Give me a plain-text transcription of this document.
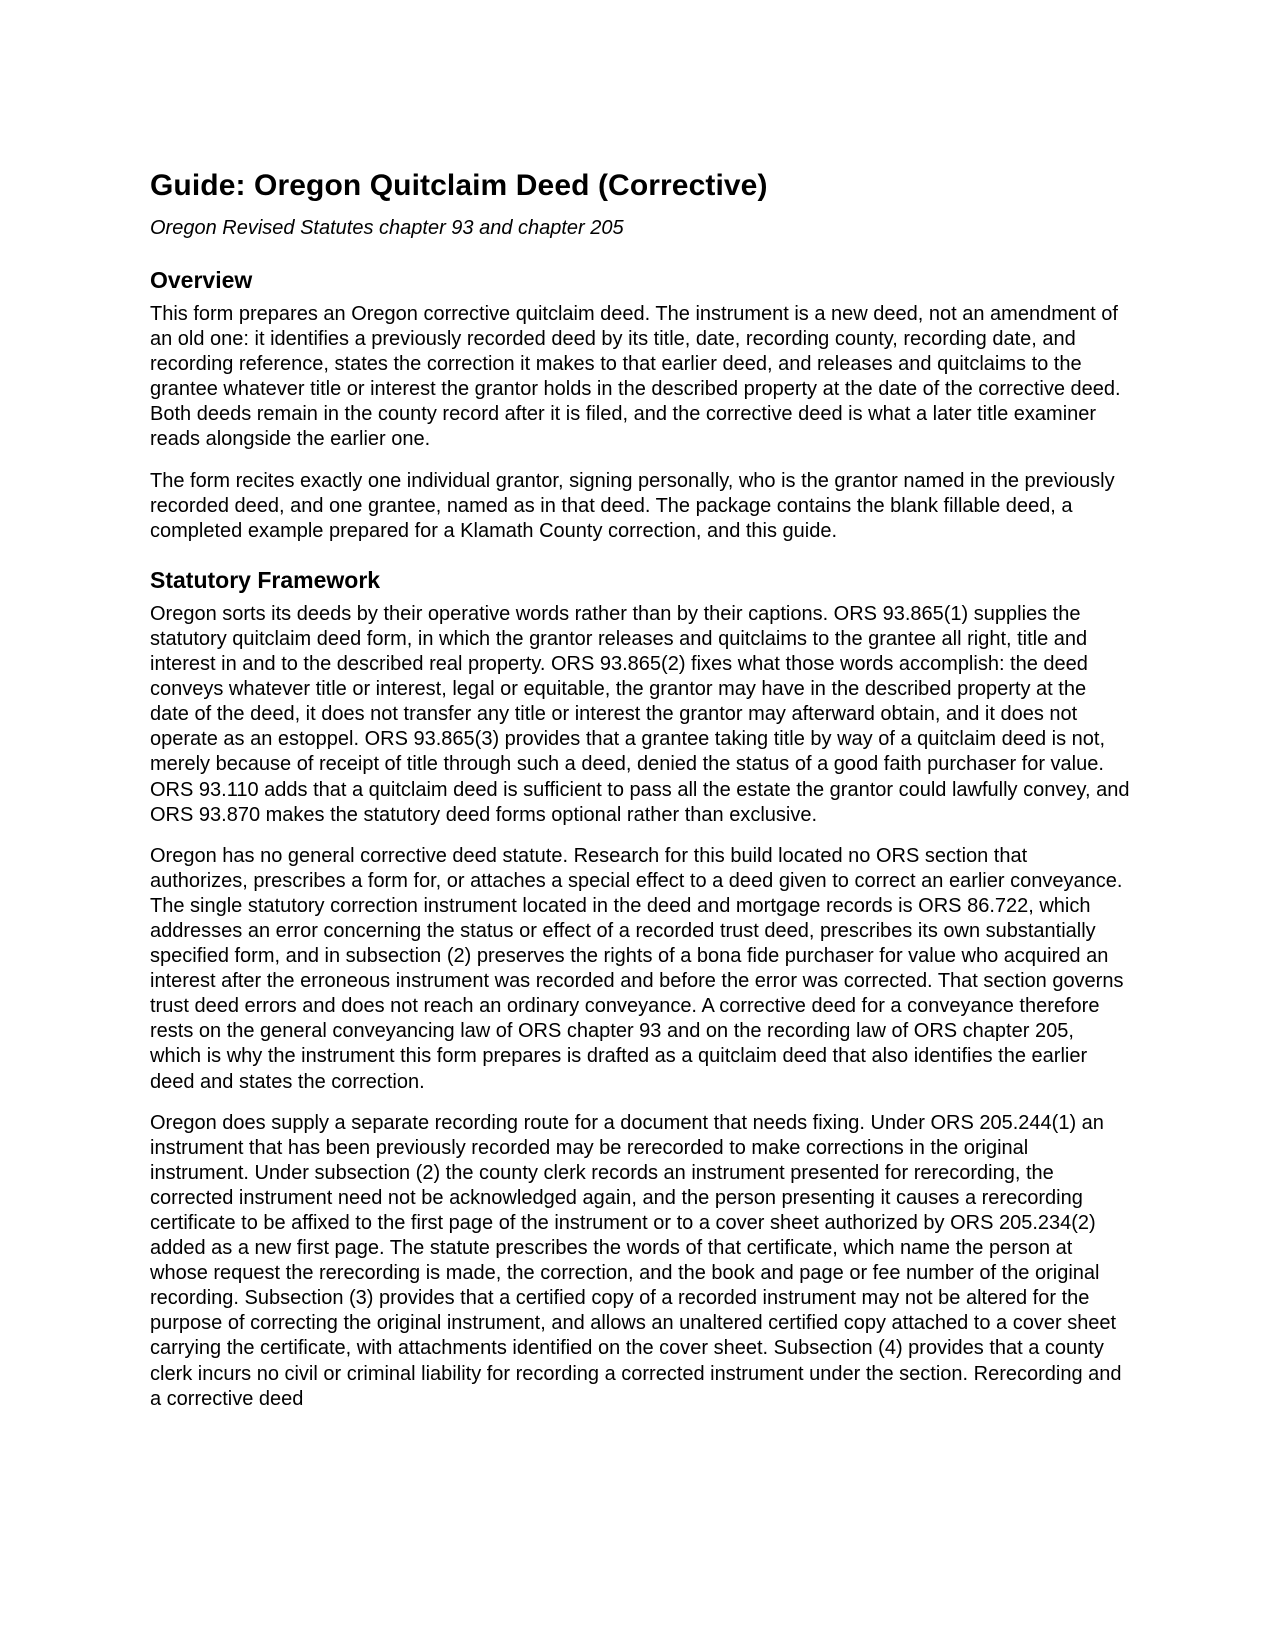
Guide: Oregon Quitclaim Deed (Corrective)

Oregon Revised Statutes chapter 93 and chapter 205

Overview

This form prepares an Oregon corrective quitclaim deed. The instrument is a new deed, not an amendment of an old one: it identifies a previously recorded deed by its title, date, recording county, recording date, and recording reference, states the correction it makes to that earlier deed, and releases and quitclaims to the grantee whatever title or interest the grantor holds in the described property at the date of the corrective deed. Both deeds remain in the county record after it is filed, and the corrective deed is what a later title examiner reads alongside the earlier one.

The form recites exactly one individual grantor, signing personally, who is the grantor named in the previously recorded deed, and one grantee, named as in that deed. The package contains the blank fillable deed, a completed example prepared for a Klamath County correction, and this guide.

Statutory Framework

Oregon sorts its deeds by their operative words rather than by their captions. ORS 93.865(1) supplies the statutory quitclaim deed form, in which the grantor releases and quitclaims to the grantee all right, title and interest in and to the described real property. ORS 93.865(2) fixes what those words accomplish: the deed conveys whatever title or interest, legal or equitable, the grantor may have in the described property at the date of the deed, it does not transfer any title or interest the grantor may afterward obtain, and it does not operate as an estoppel. ORS 93.865(3) provides that a grantee taking title by way of a quitclaim deed is not, merely because of receipt of title through such a deed, denied the status of a good faith purchaser for value. ORS 93.110 adds that a quitclaim deed is sufficient to pass all the estate the grantor could lawfully convey, and ORS 93.870 makes the statutory deed forms optional rather than exclusive.

Oregon has no general corrective deed statute. Research for this build located no ORS section that authorizes, prescribes a form for, or attaches a special effect to a deed given to correct an earlier conveyance. The single statutory correction instrument located in the deed and mortgage records is ORS 86.722, which addresses an error concerning the status or effect of a recorded trust deed, prescribes its own substantially specified form, and in subsection (2) preserves the rights of a bona fide purchaser for value who acquired an interest after the erroneous instrument was recorded and before the error was corrected. That section governs trust deed errors and does not reach an ordinary conveyance. A corrective deed for a conveyance therefore rests on the general conveyancing law of ORS chapter 93 and on the recording law of ORS chapter 205, which is why the instrument this form prepares is drafted as a quitclaim deed that also identifies the earlier deed and states the correction.

Oregon does supply a separate recording route for a document that needs fixing. Under ORS 205.244(1) an instrument that has been previously recorded may be rerecorded to make corrections in the original instrument. Under subsection (2) the county clerk records an instrument presented for rerecording, the corrected instrument need not be acknowledged again, and the person presenting it causes a rerecording certificate to be affixed to the first page of the instrument or to a cover sheet authorized by ORS 205.234(2) added as a new first page. The statute prescribes the words of that certificate, which name the person at whose request the rerecording is made, the correction, and the book and page or fee number of the original recording. Subsection (3) provides that a certified copy of a recorded instrument may not be altered for the purpose of correcting the original instrument, and allows an unaltered certified copy attached to a cover sheet carrying the certificate, with attachments identified on the cover sheet. Subsection (4) provides that a county clerk incurs no civil or criminal liability for recording a corrected instrument under the section. Rerecording and a corrective deed
